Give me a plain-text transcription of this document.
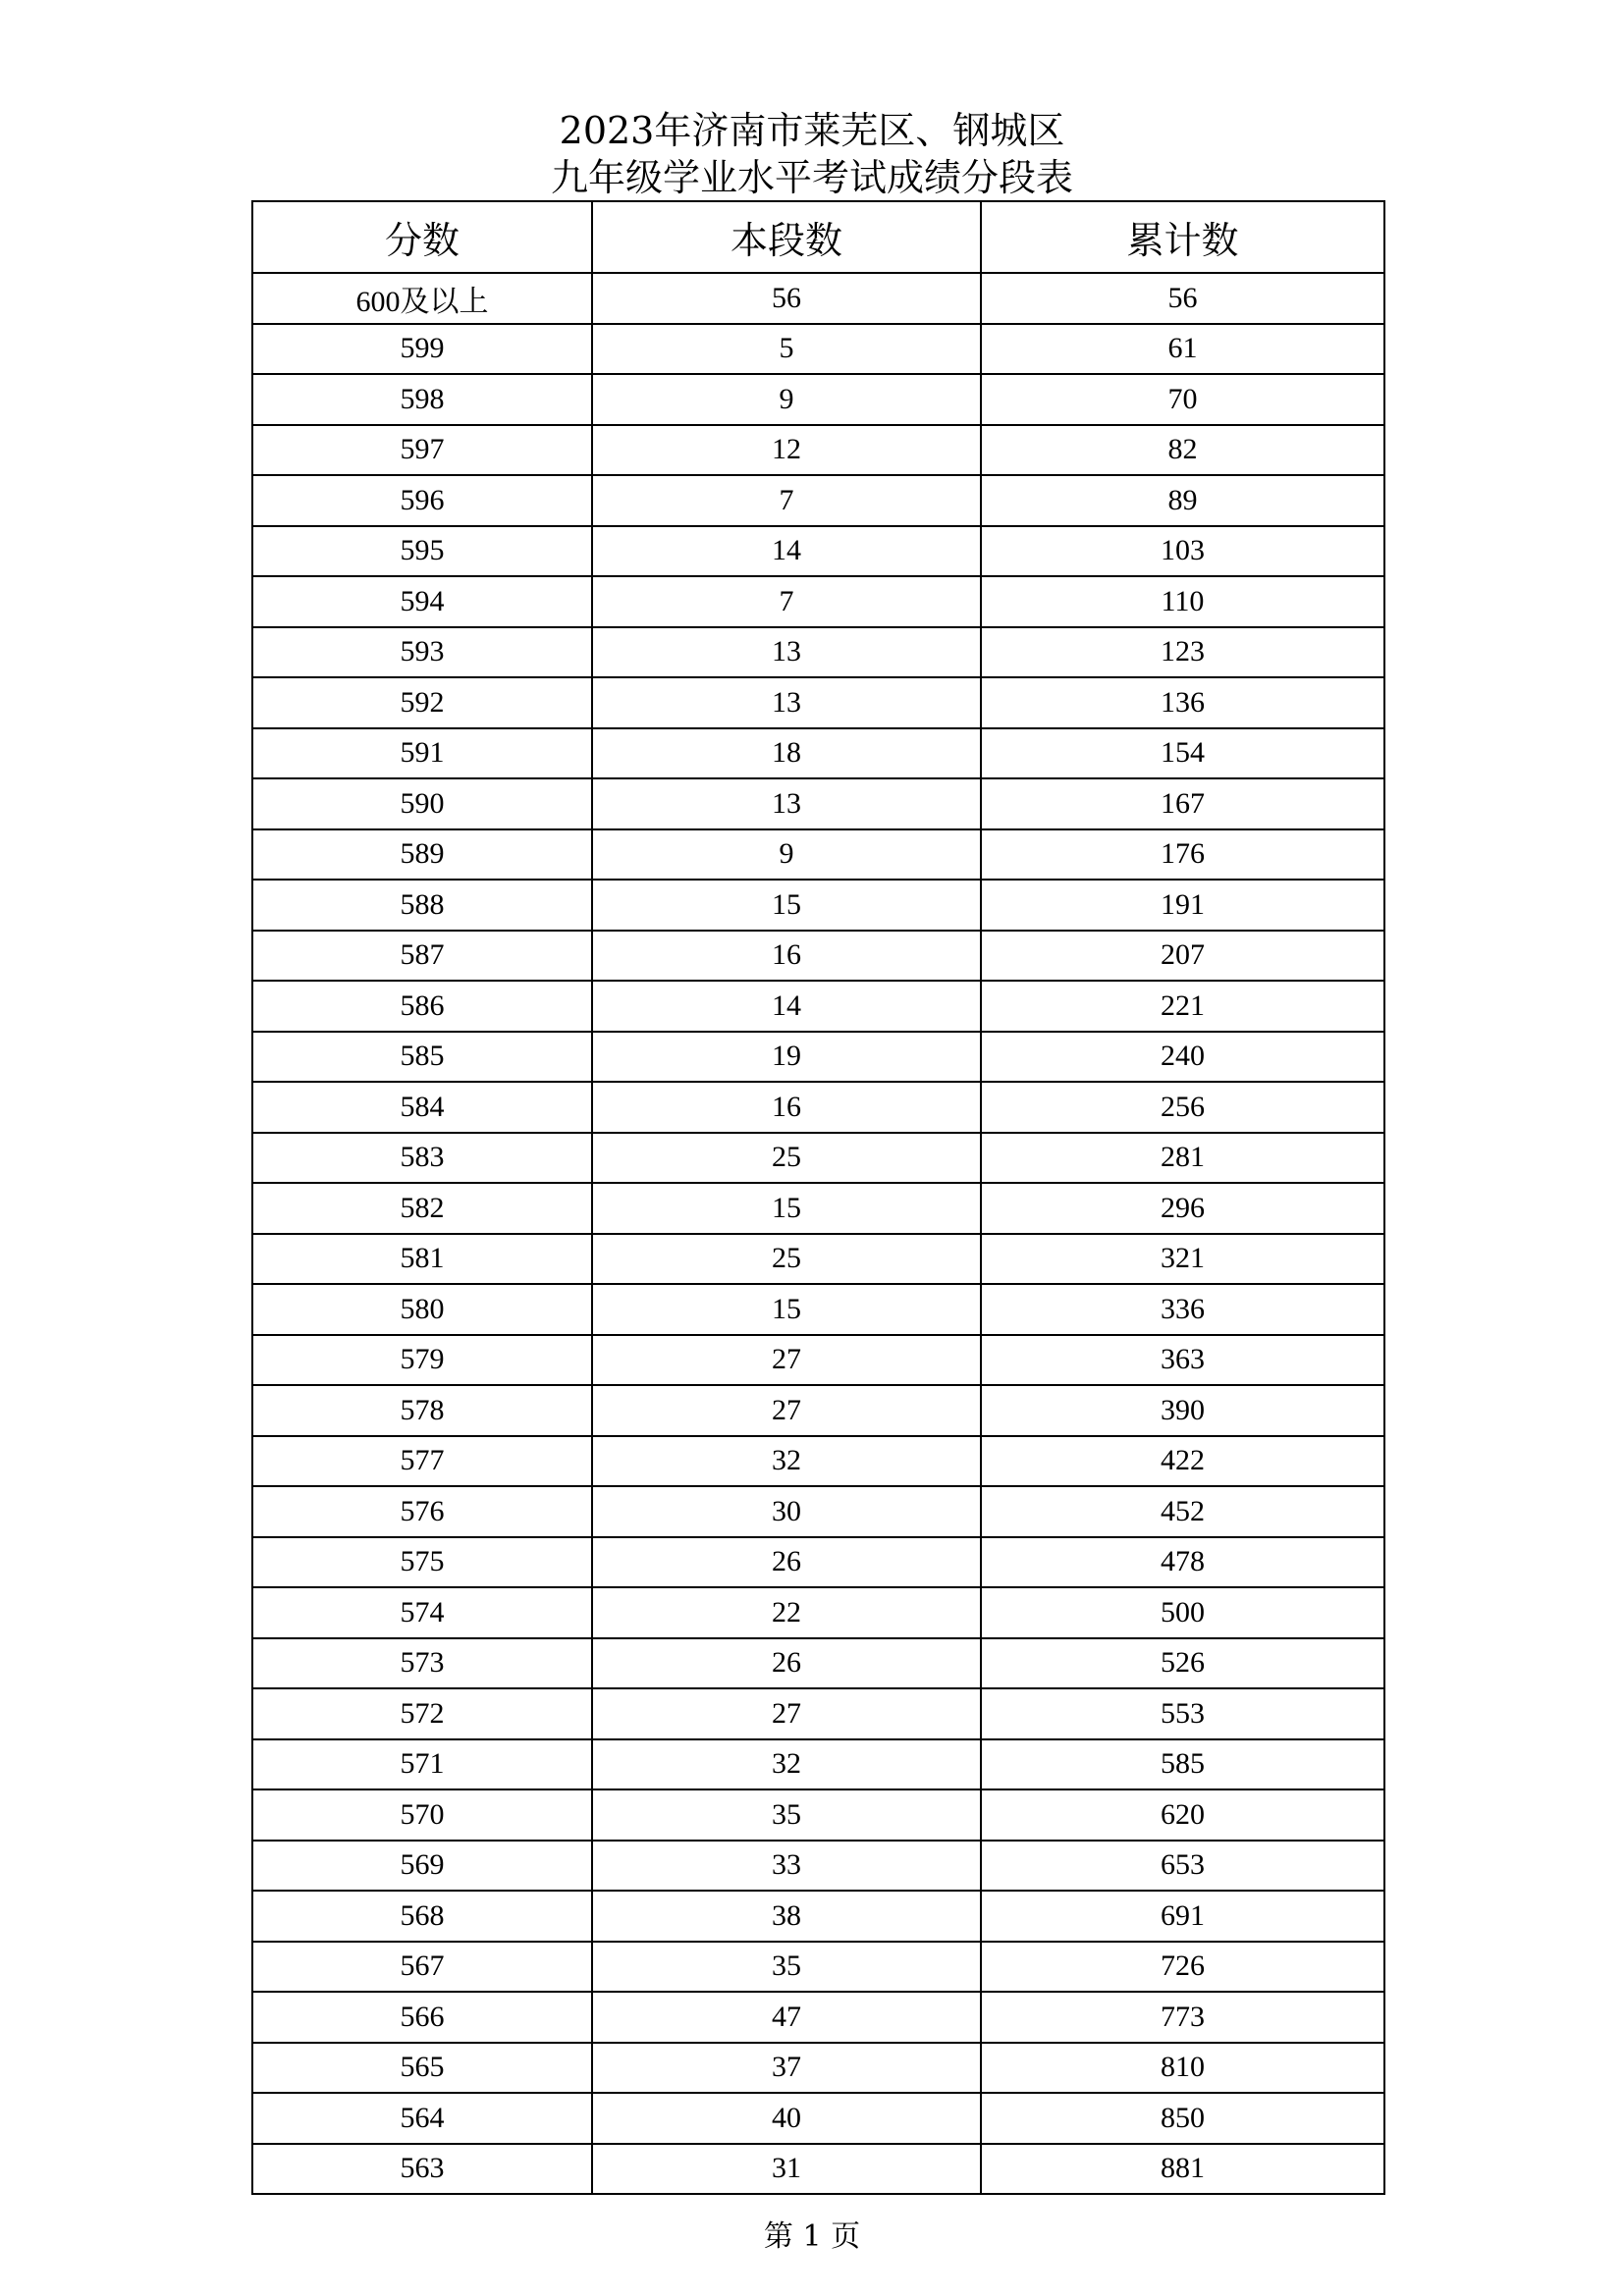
2023年济南市莱芜区、钢城区
九年级学业水平考试成绩分段表
分数	本段数	累计数
600及以上	56	56
599	5	61
598	9	70
597	12	82
596	7	89
595	14	103
594	7	110
593	13	123
592	13	136
591	18	154
590	13	167
589	9	176
588	15	191
587	16	207
586	14	221
585	19	240
584	16	256
583	25	281
582	15	296
581	25	321
580	15	336
579	27	363
578	27	390
577	32	422
576	30	452
575	26	478
574	22	500
573	26	526
572	27	553
571	32	585
570	35	620
569	33	653
568	38	691
567	35	726
566	47	773
565	37	810
564	40	850
563	31	881
第 1 页
